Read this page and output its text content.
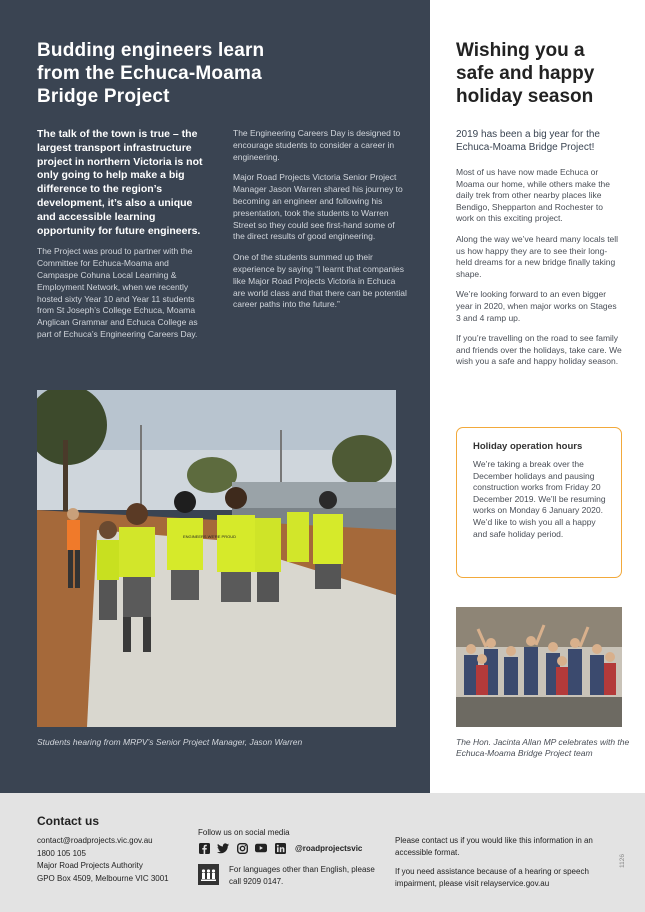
Budding engineers learn from the Echuca-Moama Bridge Project

The talk of the town is true – the largest transport infrastructure project in northern Victoria is not only going to help make a big difference to the region’s development, it’s also a unique and accessible learning opportunity for future engineers.

The Project was proud to partner with the Committee for Echuca-Moama and Campaspe Cohuna Local Learning & Employment Network, when we recently hosted sixty Year 10 and Year 11 students from St Joseph’s College Echuca, Moama Anglican Grammar and Echuca College as part of Echuca’s Engineering Careers Day.

The Engineering Careers Day is designed to encourage students to consider a career in engineering.

Major Road Projects Victoria Senior Project Manager Jason Warren shared his journey to becoming an engineer and following his presentation, took the students to Warren Street so they could see first-hand some of the direct results of good engineering.

One of the students summed up their experience by saying “I learnt that companies like Major Road Projects Victoria in Echuca are world class and that there can be potential career paths into the future.”

ENGINEERS WE'RE PROUD

Students hearing from MRPV’s Senior Project Manager, Jason Warren

Wishing you a safe and happy holiday season

2019 has been a big year for the Echuca-Moama Bridge Project!

Most of us have now made Echuca or Moama our home, while others make the daily trek from other nearby places like Bendigo, Shepparton and Rochester to work on this exciting project.

Along the way we’ve heard many locals tell us how happy they are to see their long-held dreams for a new bridge finally taking shape.

We’re looking forward to an even bigger year in 2020, when major works on Stages 3 and 4 ramp up.

If you’re travelling on the road to see family and friends over the holidays, take care. We wish you a safe and happy holiday season.

Holiday operation hours
We’re taking a break over the December holidays and pausing construction works from Friday 20 December 2019. We’ll be resuming works on Monday 6 January 2020. We’d like to wish you all a happy and safe holiday period.

The Hon. Jacinta Allan MP celebrates with the Echuca-Moama Bridge Project team

Contact us
contact@roadprojects.vic.gov.au
1800 105 105
Major Road Projects Authority
GPO Box 4509, Melbourne VIC 3001
Follow us on social media
@roadprojectsvic
For languages other than English, please call 9209 0147.

Please contact us if you would like this information in an accessible format.

If you need assistance because of a hearing or speech impairment, please visit relayservice.gov.au

1126
